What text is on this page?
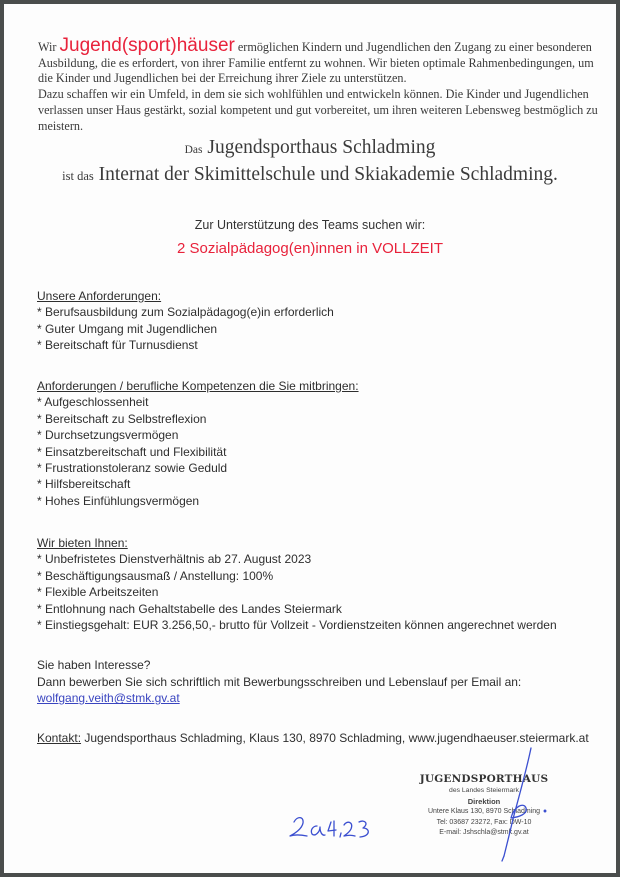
Wir Jugend(sport)häuser ermöglichen Kindern und Jugendlichen den Zugang zu einer besonderen Ausbildung, die es erfordert, von ihrer Familie entfernt zu wohnen. Wir bieten optimale Rahmenbedingungen, um die Kinder und Jugendlichen bei der Erreichung ihrer Ziele zu unterstützen.

Dazu schaffen wir ein Umfeld, in dem sie sich wohlfühlen und entwickeln können. Die Kinder und Jugendlichen verlassen unser Haus gestärkt, sozial kompetent und gut vorbereitet, um ihren weiteren Lebensweg bestmöglich zu meistern.

Das Jugendsporthaus Schladming
ist das Internat der Skimittelschule und Skiakademie Schladming.
Zur Unterstützung des Teams suchen wir:
2 Sozialpädagog(en)innen in VOLLZEIT
Unsere Anforderungen:
* Berufsausbildung zum Sozialpädagog(e)in erforderlich
* Guter Umgang mit Jugendlichen
* Bereitschaft für Turnusdienst
Anforderungen / berufliche Kompetenzen die Sie mitbringen:
* Aufgeschlossenheit
* Bereitschaft zu Selbstreflexion
* Durchsetzungsvermögen
* Einsatzbereitschaft und Flexibilität
* Frustrationstoleranz sowie Geduld
* Hilfsbereitschaft
* Hohes Einfühlungsvermögen
Wir bieten Ihnen:
* Unbefristetes Dienstverhältnis ab 27. August 2023
* Beschäftigungsausmaß / Anstellung: 100%
* Flexible Arbeitszeiten
* Entlohnung nach Gehaltstabelle des Landes Steiermark
* Einstiegsgehalt: EUR 3.256,50,- brutto für Vollzeit - Vordienstzeiten können angerechnet werden
Sie haben Interesse?
Dann bewerben Sie sich schriftlich mit Bewerbungsschreiben und Lebenslauf per Email an:
wolfgang.veith@stmk.gv.at
Kontakt: Jugendsporthaus Schladming, Klaus 130, 8970 Schladming, www.jugendhaeuser.steiermark.at
JUGENDSPORTHAUS
des Landes Steiermark
Direktion
Untere Klaus 130, 8970 Schladming
Tel: 03687 23272, Fax: DW-10
E-mail: Jshschla@stmk.gv.at
